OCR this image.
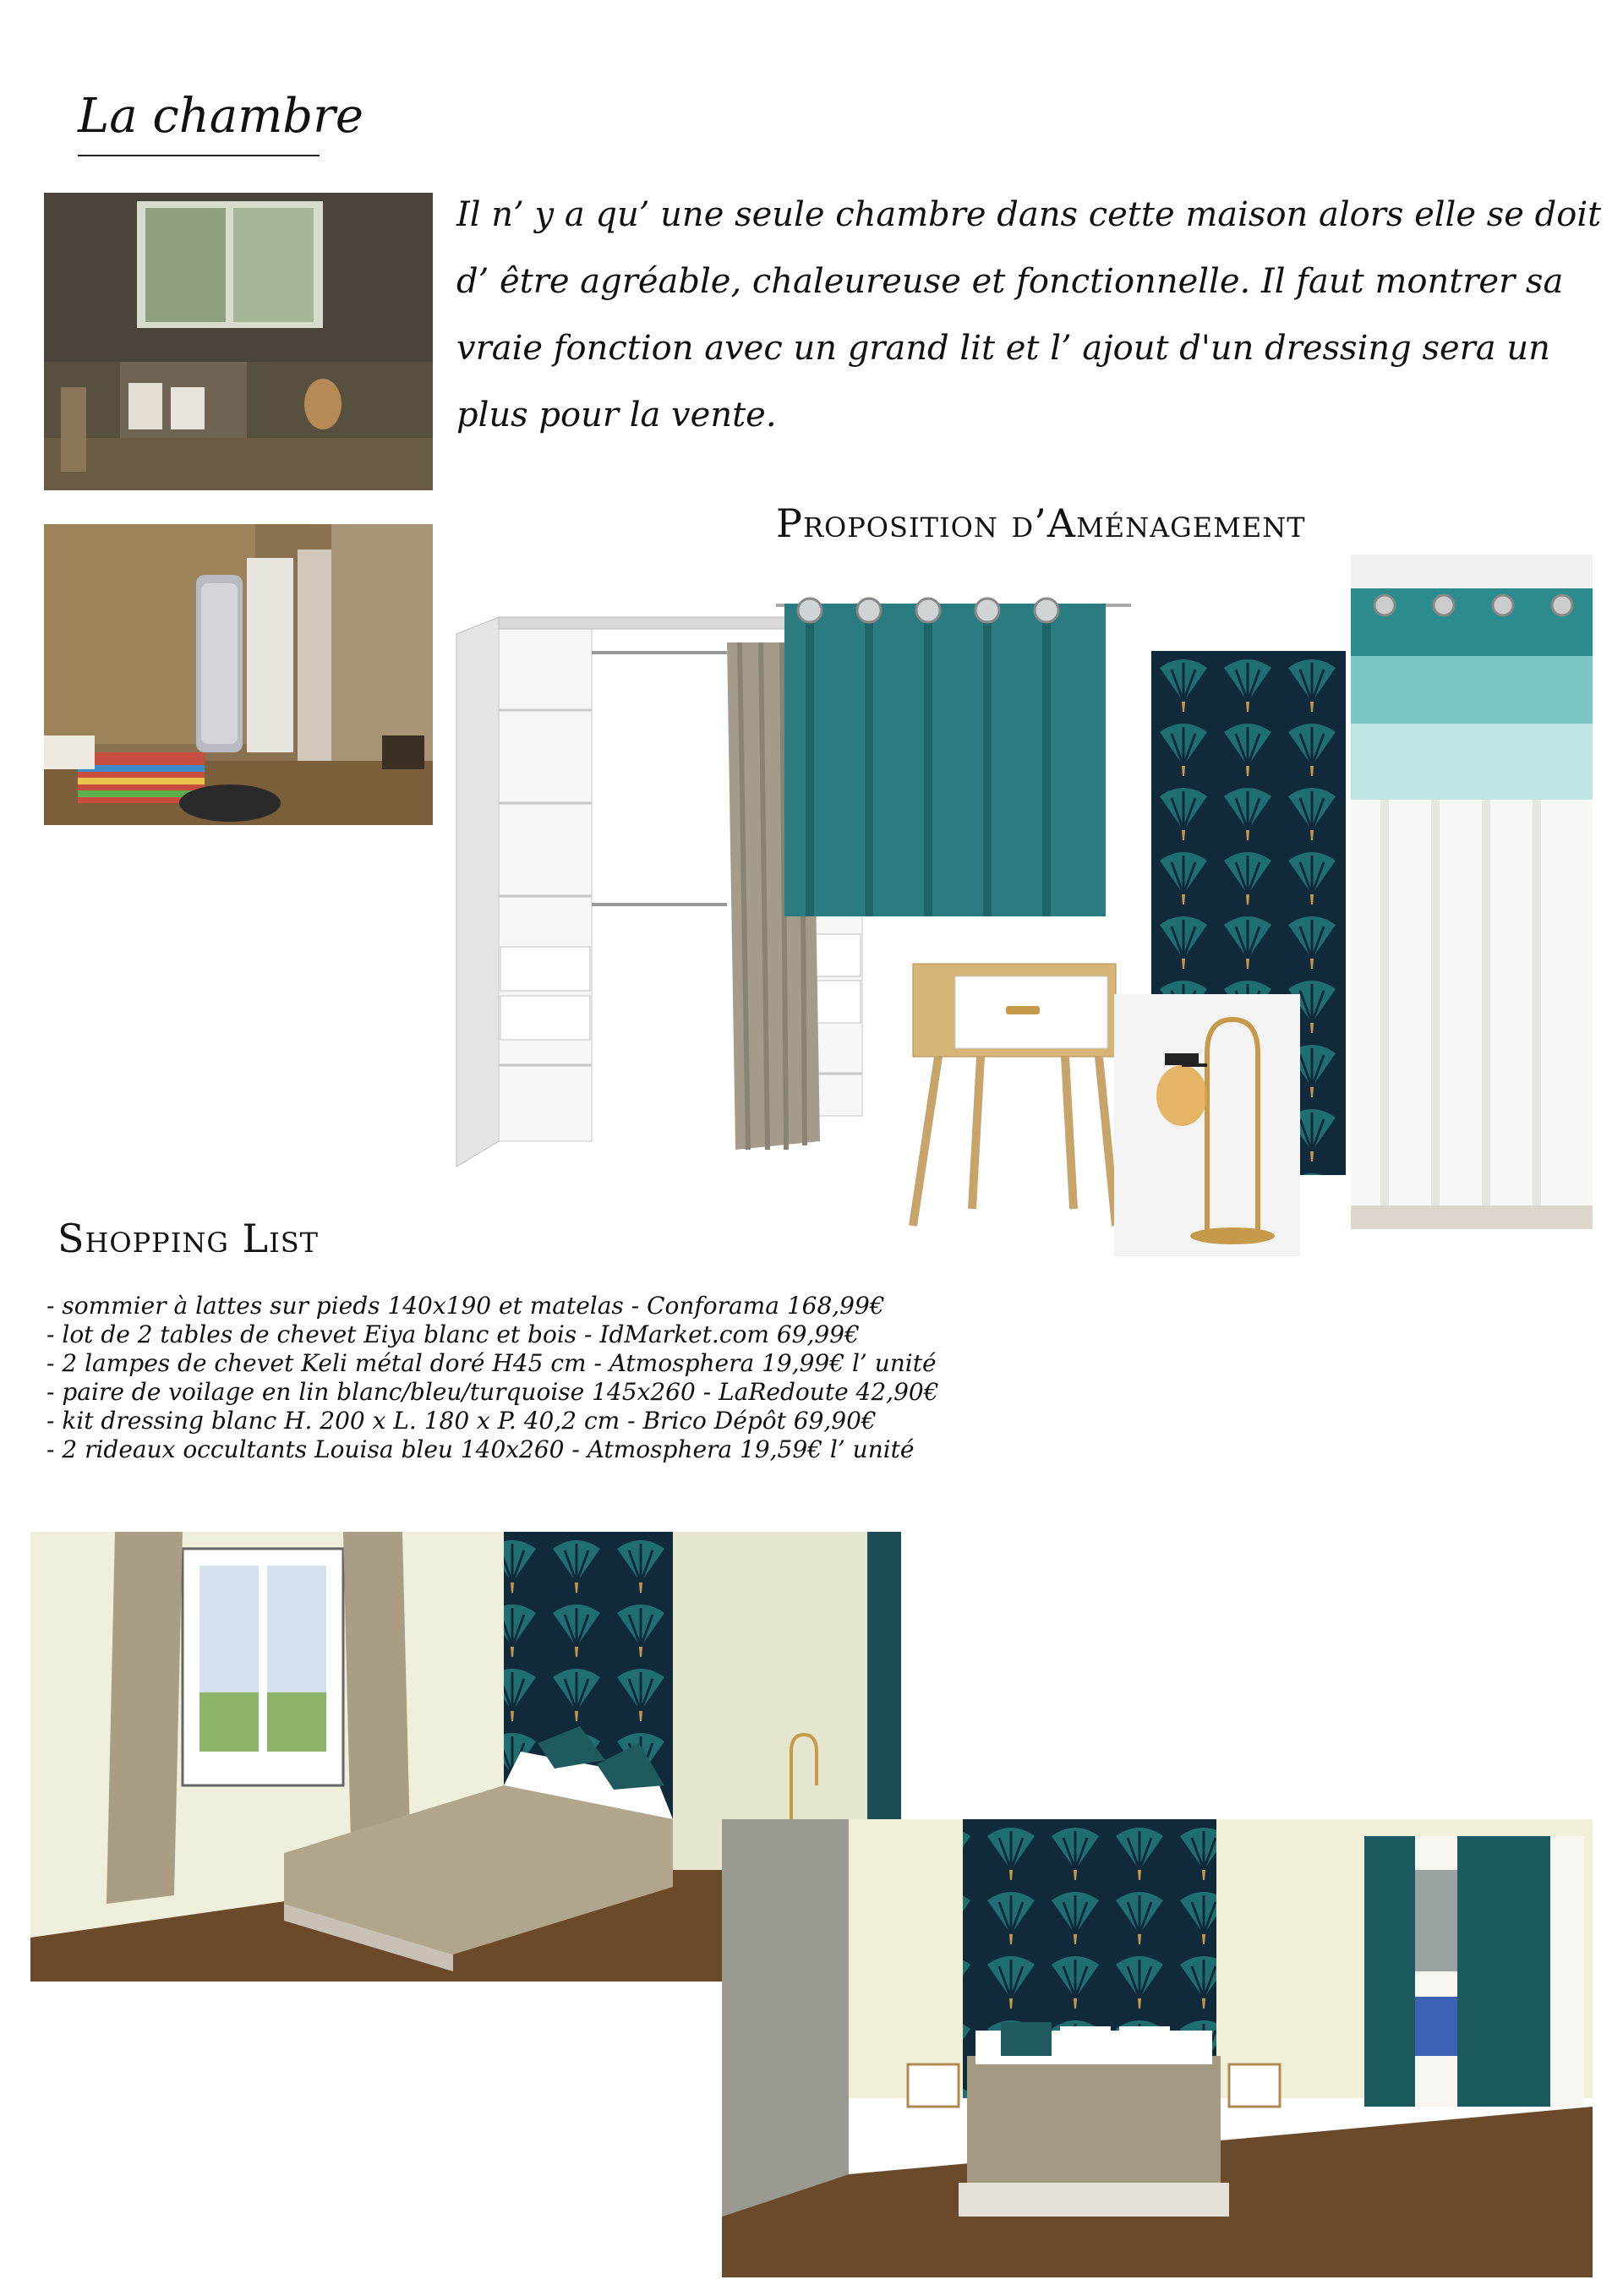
La chambre
Il n’ y a qu’ une seule chambre dans cette maison alors elle se doit d’ être agréable, chaleureuse et fonctionnelle. Il faut montrer sa vraie fonction avec un grand lit et l’ ajout d'un dressing sera un plus pour la vente.
Proposition d’Aménagement
Shopping List
- sommier à lattes sur pieds 140x190 et matelas - Conforama 168,99€
- lot de 2 tables de chevet Eiya blanc et bois - IdMarket.com 69,99€
- 2 lampes de chevet Keli métal doré H45 cm - Atmosphera 19,99€ l’ unité
- paire de voilage en lin blanc/bleu/turquoise 145x260 - LaRedoute 42,90€
- kit dressing blanc H. 200 x L. 180 x P. 40,2 cm - Brico Dépôt 69,90€
- 2 rideaux occultants Louisa bleu 140x260 - Atmosphera 19,59€ l’ unité
